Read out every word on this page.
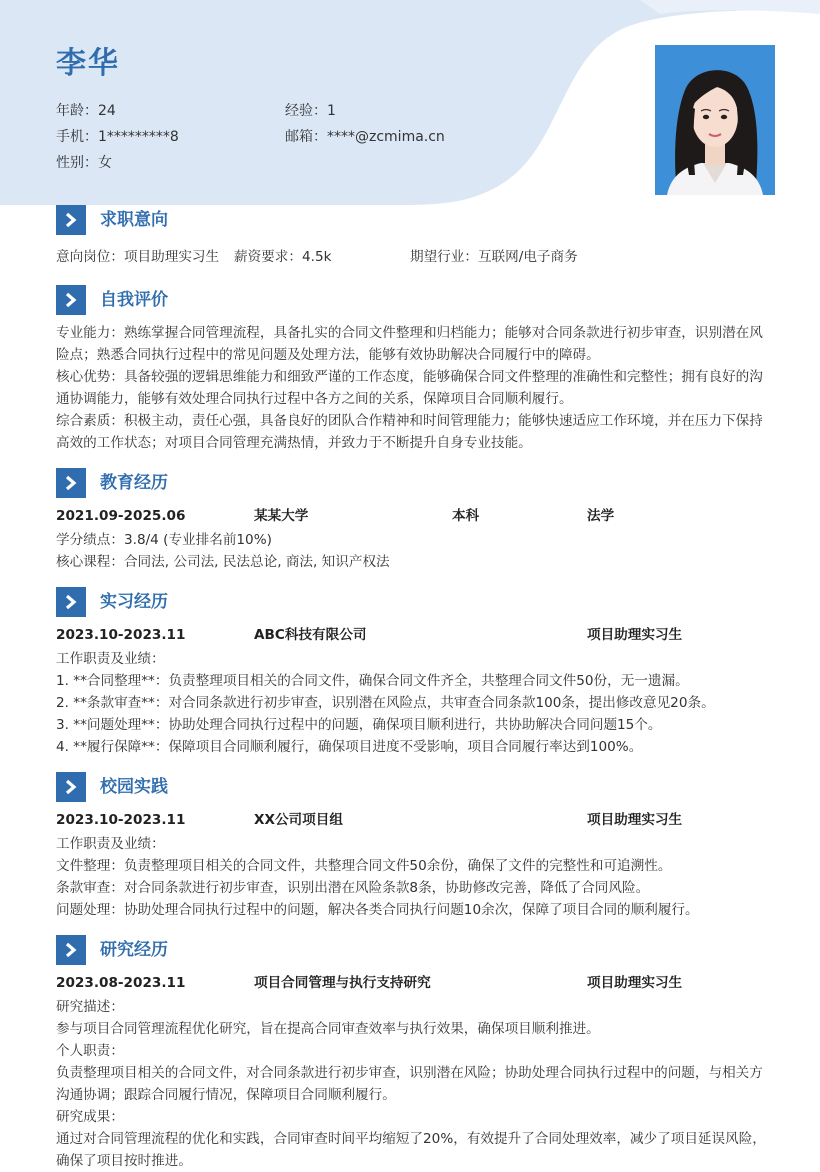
李华
年龄：24	经验：1
手机：1*********8	邮箱：****@zcmima.cn
性别：女
求职意向
意向岗位：项目助理实习生 薪资要求：4.5k	期望行业：互联网/电子商务
自我评价
专业能力：熟练掌握合同管理流程，具备扎实的合同文件整理和归档能力；能够对合同条款进行初步审查，识别潜在风险点；熟悉合同执行过程中的常见问题及处理方法，能够有效协助解决合同履行中的障碍。
核心优势：具备较强的逻辑思维能力和细致严谨的工作态度，能够确保合同文件整理的准确性和完整性；拥有良好的沟通协调能力，能够有效处理合同执行过程中各方之间的关系，保障项目合同顺利履行。
综合素质：积极主动，责任心强，具备良好的团队合作精神和时间管理能力；能够快速适应工作环境，并在压力下保持高效的工作状态；对项目合同管理充满热情，并致力于不断提升自身专业技能。
教育经历
2021.09-2025.06	某某大学	本科	法学
学分绩点：3.8/4 (专业排名前10%)
核心课程：合同法, 公司法, 民法总论, 商法, 知识产权法
实习经历
2023.10-2023.11	ABC科技有限公司	项目助理实习生
工作职责及业绩：
1. **合同整理**：负责整理项目相关的合同文件，确保合同文件齐全，共整理合同文件50份，无一遗漏。
2. **条款审查**：对合同条款进行初步审查，识别潜在风险点，共审查合同条款100条，提出修改意见20条。
3. **问题处理**：协助处理合同执行过程中的问题，确保项目顺利进行，共协助解决合同问题15个。
4. **履行保障**：保障项目合同顺利履行，确保项目进度不受影响，项目合同履行率达到100%。
校园实践
2023.10-2023.11	XX公司项目组	项目助理实习生
工作职责及业绩：
文件整理：负责整理项目相关的合同文件，共整理合同文件50余份，确保了文件的完整性和可追溯性。
条款审查：对合同条款进行初步审查，识别出潜在风险条款8条，协助修改完善，降低了合同风险。
问题处理：协助处理合同执行过程中的问题，解决各类合同执行问题10余次，保障了项目合同的顺利履行。
研究经历
2023.08-2023.11	项目合同管理与执行支持研究	项目助理实习生
研究描述：
参与项目合同管理流程优化研究，旨在提高合同审查效率与执行效果，确保项目顺利推进。
个人职责：
负责整理项目相关的合同文件，对合同条款进行初步审查，识别潜在风险；协助处理合同执行过程中的问题，与相关方沟通协调；跟踪合同履行情况，保障项目合同顺利履行。
研究成果：
通过对合同管理流程的优化和实践，合同审查时间平均缩短了20%，有效提升了合同处理效率，减少了项目延误风险，确保了项目按时推进。
